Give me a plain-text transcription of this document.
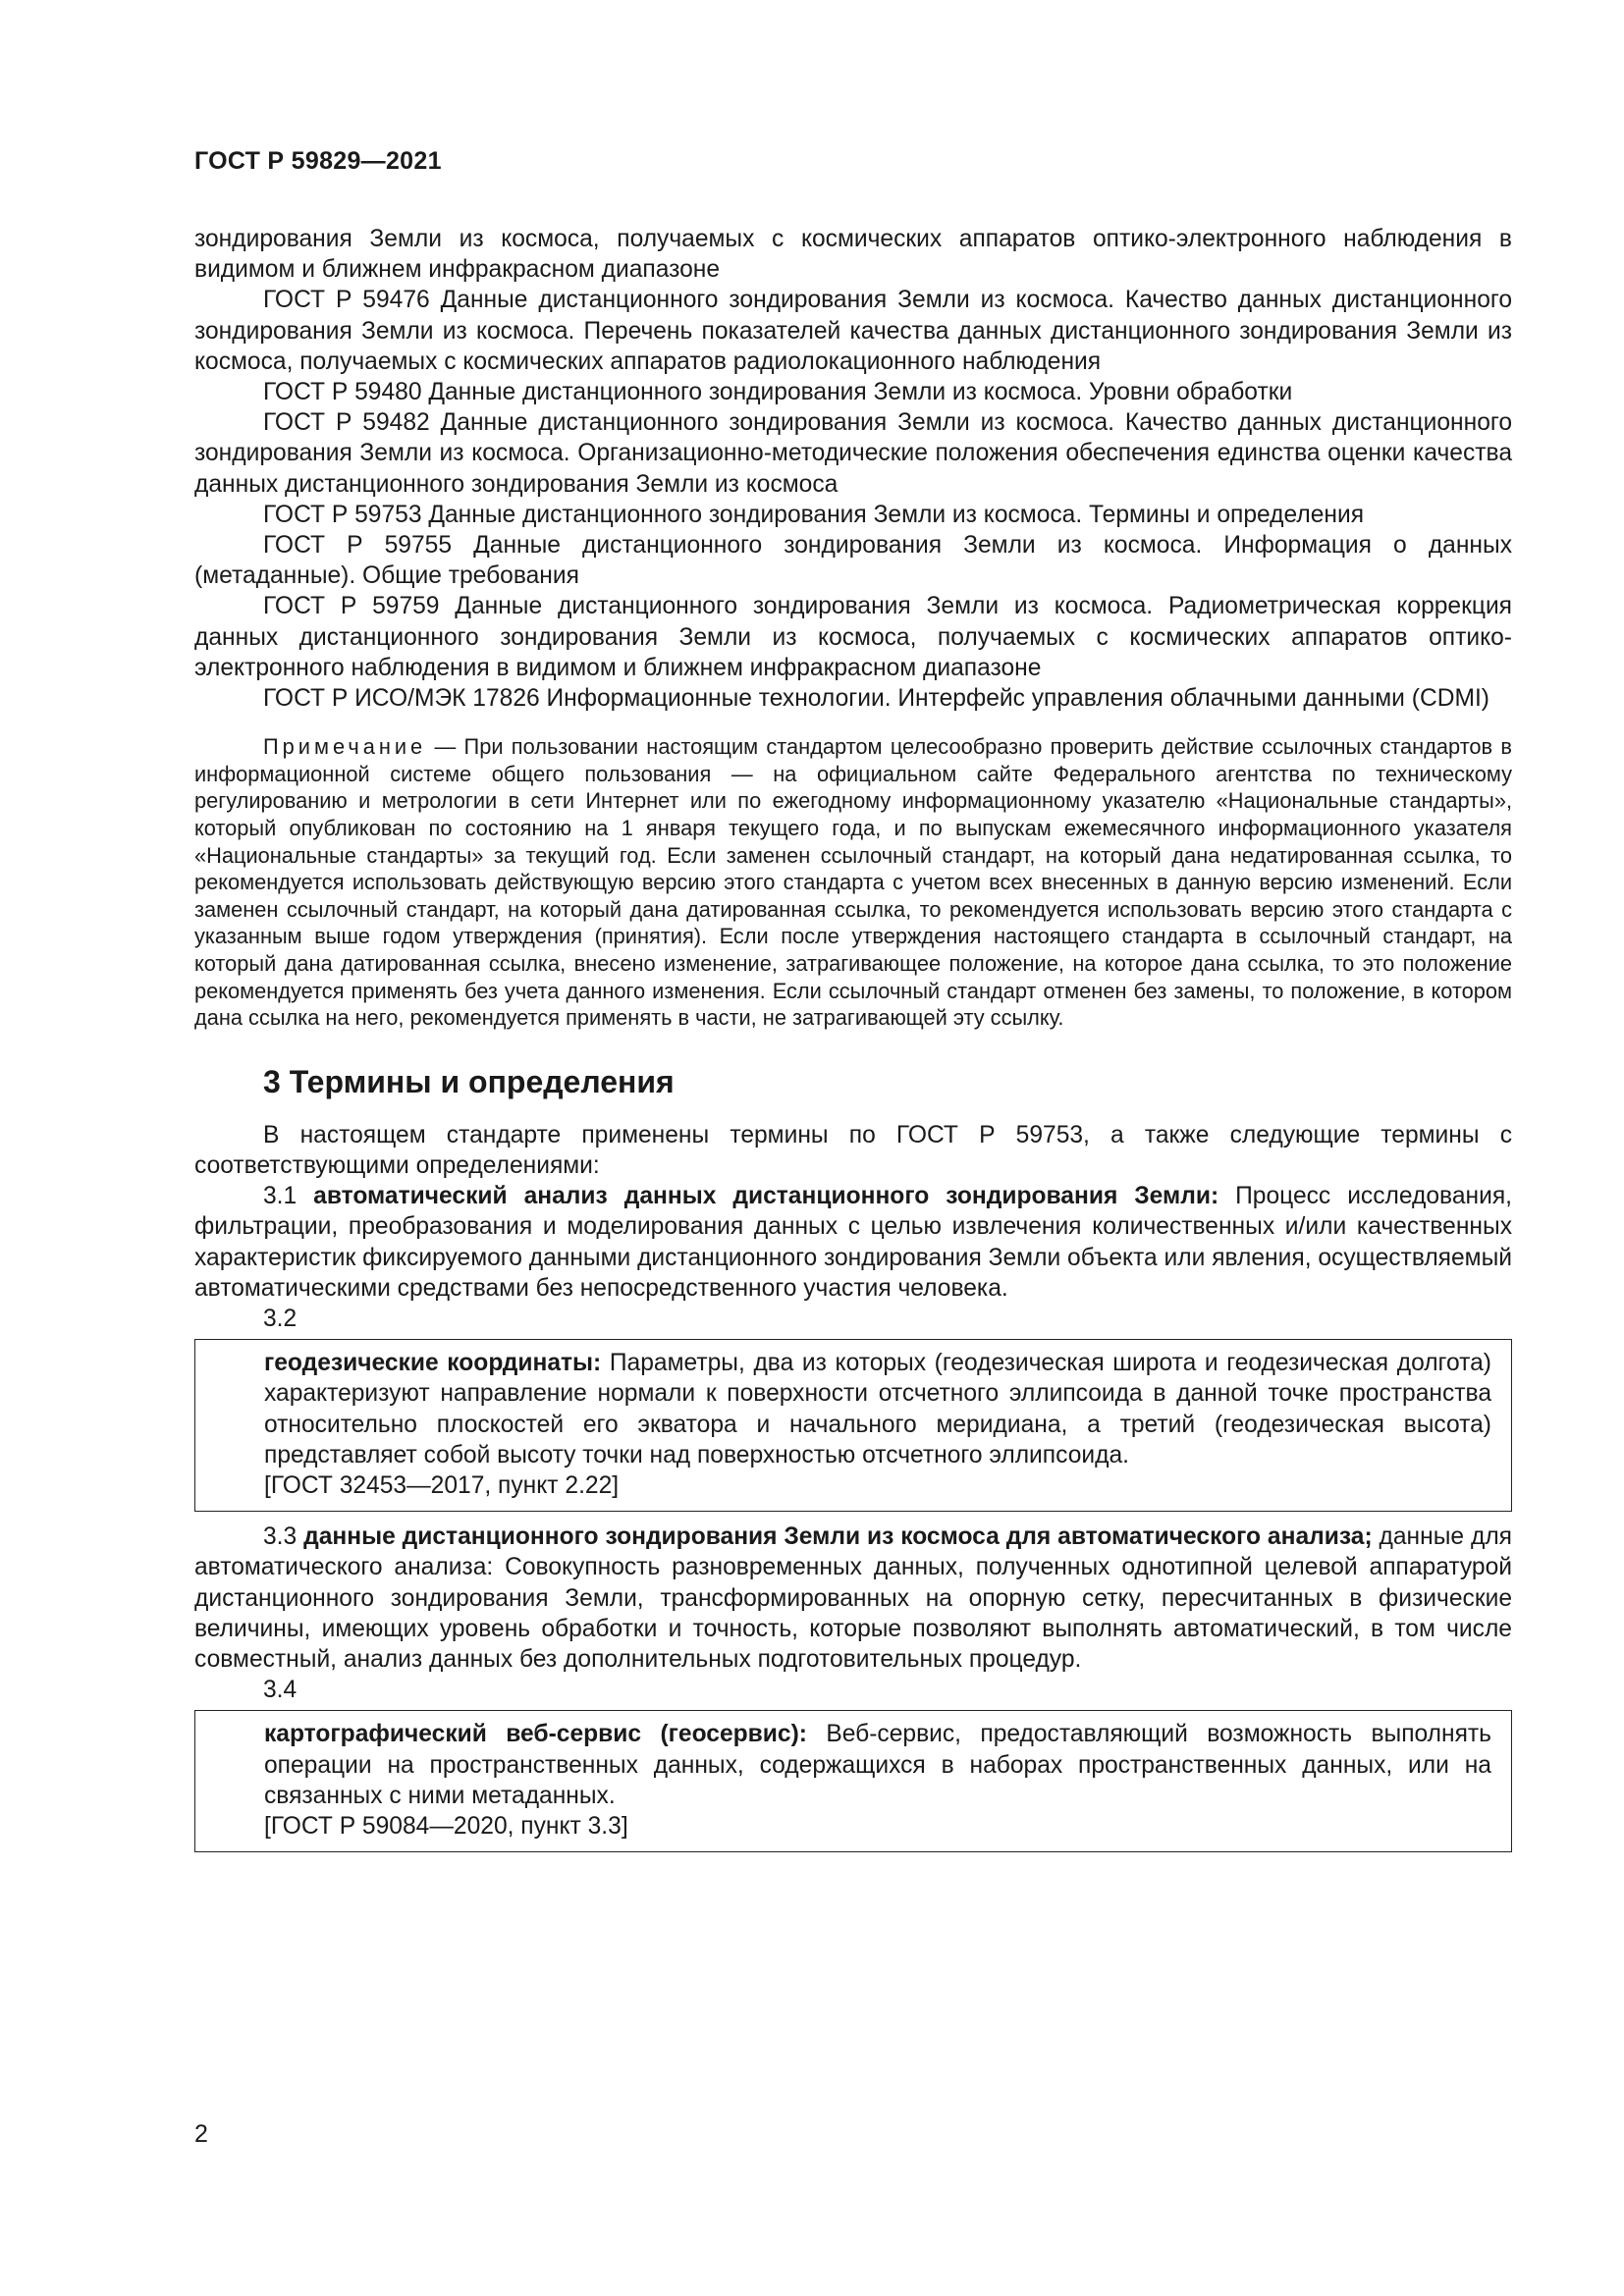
ГОСТ Р 59829—2021

зондирования Земли из космоса, получаемых с космических аппаратов оптико-электронного наблюдения в видимом и ближнем инфракрасном диапазоне

ГОСТ Р 59476 Данные дистанционного зондирования Земли из космоса. Качество данных дистанционного зондирования Земли из космоса. Перечень показателей качества данных дистанционного зондирования Земли из космоса, получаемых с космических аппаратов радиолокационного наблюдения

ГОСТ Р 59480 Данные дистанционного зондирования Земли из космоса. Уровни обработки

ГОСТ Р 59482 Данные дистанционного зондирования Земли из космоса. Качество данных дистанционного зондирования Земли из космоса. Организационно-методические положения обеспечения единства оценки качества данных дистанционного зондирования Земли из космоса

ГОСТ Р 59753 Данные дистанционного зондирования Земли из космоса. Термины и определения

ГОСТ Р 59755 Данные дистанционного зондирования Земли из космоса. Информация о данных (метаданные). Общие требования

ГОСТ Р 59759 Данные дистанционного зондирования Земли из космоса. Радиометрическая коррекция данных дистанционного зондирования Земли из космоса, получаемых с космических аппаратов оптико-электронного наблюдения в видимом и ближнем инфракрасном диапазоне

ГОСТ Р ИСО/МЭК 17826 Информационные технологии. Интерфейс управления облачными данными (CDMI)

Примечание — При пользовании настоящим стандартом целесообразно проверить действие ссылочных стандартов в информационной системе общего пользования — на официальном сайте Федерального агентства по техническому регулированию и метрологии в сети Интернет или по ежегодному информационному указателю «Национальные стандарты», который опубликован по состоянию на 1 января текущего года, и по выпускам ежемесячного информационного указателя «Национальные стандарты» за текущий год. Если заменен ссылочный стандарт, на который дана недатированная ссылка, то рекомендуется использовать действующую версию этого стандарта с учетом всех внесенных в данную версию изменений. Если заменен ссылочный стандарт, на который дана датированная ссылка, то рекомендуется использовать версию этого стандарта с указанным выше годом утверждения (принятия). Если после утверждения настоящего стандарта в ссылочный стандарт, на который дана датированная ссылка, внесено изменение, затрагивающее положение, на которое дана ссылка, то это положение рекомендуется применять без учета данного изменения. Если ссылочный стандарт отменен без замены, то положение, в котором дана ссылка на него, рекомендуется применять в части, не затрагивающей эту ссылку.

3 Термины и определения

В настоящем стандарте применены термины по ГОСТ Р 59753, а также следующие термины с соответствующими определениями:

3.1 автоматический анализ данных дистанционного зондирования Земли: Процесс исследования, фильтрации, преобразования и моделирования данных с целью извлечения количественных и/или качественных характеристик фиксируемого данными дистанционного зондирования Земли объекта или явления, осуществляемый автоматическими средствами без непосредственного участия человека.

3.2

геодезические координаты: Параметры, два из которых (геодезическая широта и геодезическая долгота) характеризуют направление нормали к поверхности отсчетного эллипсоида в данной точке пространства относительно плоскостей его экватора и начального меридиана, а третий (геодезическая высота) представляет собой высоту точки над поверхностью отсчетного эллипсоида.

[ГОСТ 32453—2017, пункт 2.22]

3.3 данные дистанционного зондирования Земли из космоса для автоматического анализа; данные для автоматического анализа: Совокупность разновременных данных, полученных однотипной целевой аппаратурой дистанционного зондирования Земли, трансформированных на опорную сетку, пересчитанных в физические величины, имеющих уровень обработки и точность, которые позволяют выполнять автоматический, в том числе совместный, анализ данных без дополнительных подготовительных процедур.

3.4

картографический веб-сервис (геосервис): Веб-сервис, предоставляющий возможность выполнять операции на пространственных данных, содержащихся в наборах пространственных данных, или на связанных с ними метаданных.

[ГОСТ Р 59084—2020, пункт 3.3]

2
